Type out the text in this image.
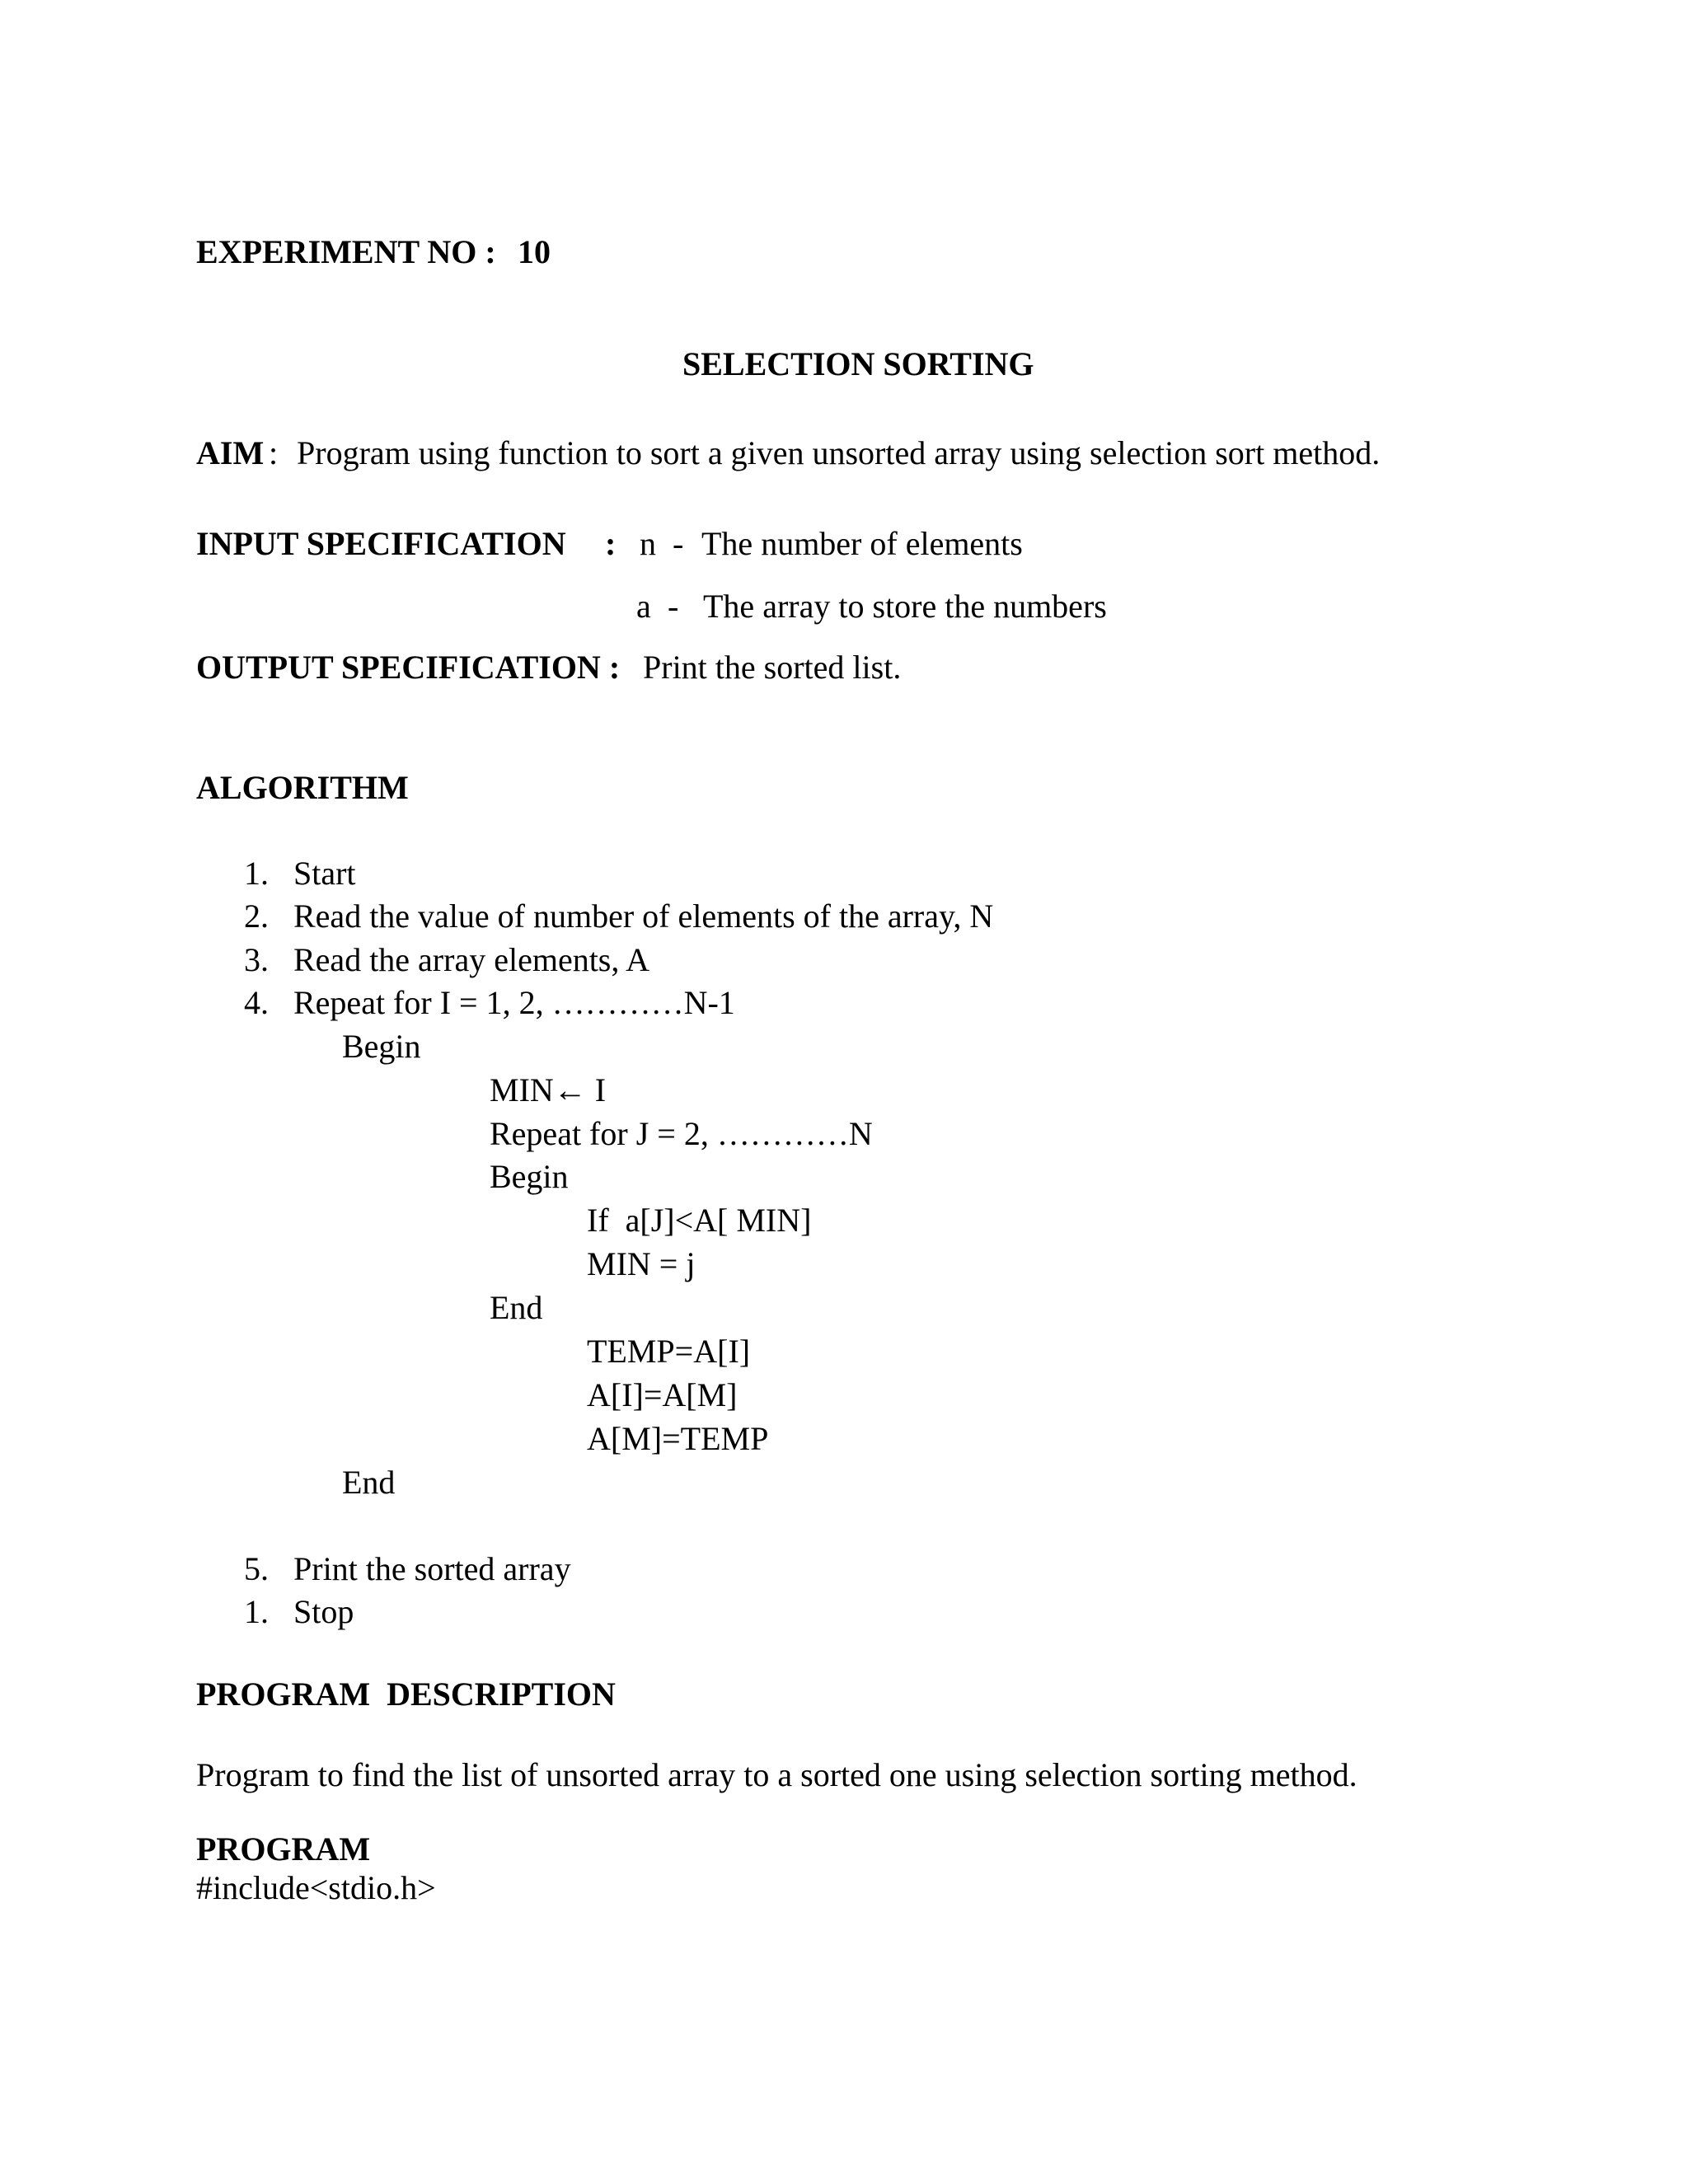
EXPERIMENT NO : 10
SELECTION SORTING
AIM : Program using function to sort a given unsorted array using selection sort method.
INPUT SPECIFICATION : n - The number of elements
a - The array to store the numbers
OUTPUT SPECIFICATION : Print the sorted list.
ALGORITHM
1. Start
2. Read the value of number of elements of the array, N
3. Read the array elements, A
4. Repeat for I = 1, 2, …………N-1
Begin
MIN← I
Repeat for J = 2, …………N
Begin
If  a[J]<A[ MIN]
MIN = j
End
TEMP=A[I]
A[I]=A[M]
A[M]=TEMP
End
5. Print the sorted array
1. Stop
PROGRAM  DESCRIPTION
Program to find the list of unsorted array to a sorted one using selection sorting method.
PROGRAM
#include<stdio.h>
